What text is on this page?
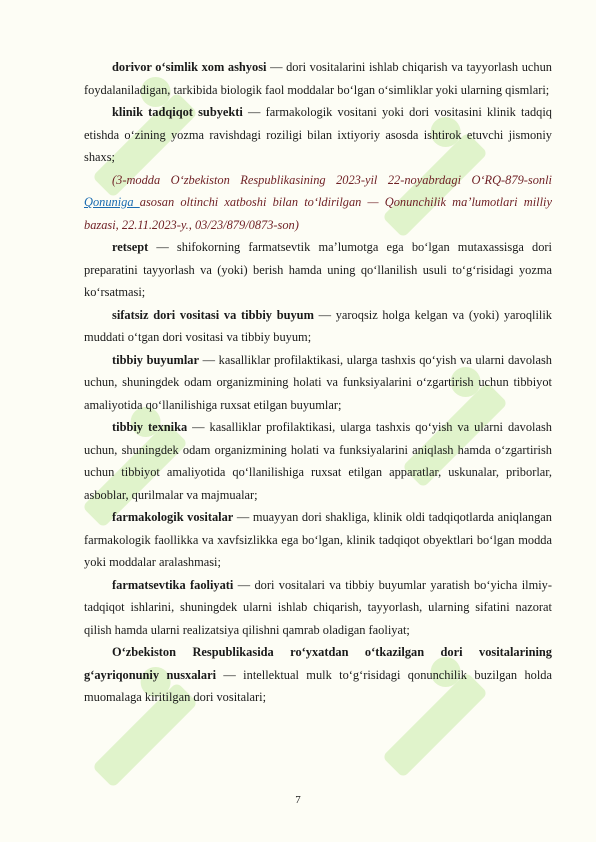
dorivor o‘simlik xom ashyosi — dori vositalarini ishlab chiqarish va tayyorlash uchun foydalaniladigan, tarkibida biologik faol moddalar bo‘lgan o‘simliklar yoki ularning qismlari;

klinik tadqiqot subyekti — farmakologik vositani yoki dori vositasini klinik tadqiq etishda o‘zining yozma ravishdagi roziligi bilan ixtiyoriy asosda ishtirok etuvchi jismoniy shaxs;

(3-modda O‘zbekiston Respublikasining 2023-yil 22-noyabrdagi O‘RQ-879-sonli Qonuniga asosan oltinchi xatboshi bilan to‘ldirilgan — Qonunchilik ma’lumotlari milliy bazasi, 22.11.2023-y., 03/23/879/0873-son)

retsept — shifokorning farmatsevtik ma’lumotga ega bo‘lgan mutaxassisga dori preparatini tayyorlash va (yoki) berish hamda uning qo‘llanilish usuli to‘g‘risidagi yozma ko‘rsatmasi;

sifatsiz dori vositasi va tibbiy buyum — yaroqsiz holga kelgan va (yoki) yaroqlilik muddati o‘tgan dori vositasi va tibbiy buyum;

tibbiy buyumlar — kasalliklar profilaktikasi, ularga tashxis qo‘yish va ularni davolash uchun, shuningdek odam organizmining holati va funksiyalarini o‘zgartirish uchun tibbiyot amaliyotida qo‘llanilishiga ruxsat etilgan buyumlar;

tibbiy texnika — kasalliklar profilaktikasi, ularga tashxis qo‘yish va ularni davolash uchun, shuningdek odam organizmining holati va funksiyalarini aniqlash hamda o‘zgartirish uchun tibbiyot amaliyotida qo‘llanilishiga ruxsat etilgan apparatlar, uskunalar, priborlar, asboblar, qurilmalar va majmualar;

farmakologik vositalar — muayyan dori shakliga, klinik oldi tadqiqotlarda aniqlangan farmakologik faollikka va xavfsizlikka ega bo‘lgan, klinik tadqiqot obyektlari bo‘lgan modda yoki moddalar aralashmasi;

farmatsevtika faoliyati — dori vositalari va tibbiy buyumlar yaratish bo‘yicha ilmiy-tadqiqot ishlarini, shuningdek ularni ishlab chiqarish, tayyorlash, ularning sifatini nazorat qilish hamda ularni realizatsiya qilishni qamrab oladigan faoliyat;

O‘zbekiston Respublikasida ro‘yxatdan o‘tkazilgan dori vositalarining g‘ayriqonuniy nusxalari — intellektual mulk to‘g‘risidagi qonunchilik buzilgan holda muomalaga kiritilgan dori vositalari;

7
